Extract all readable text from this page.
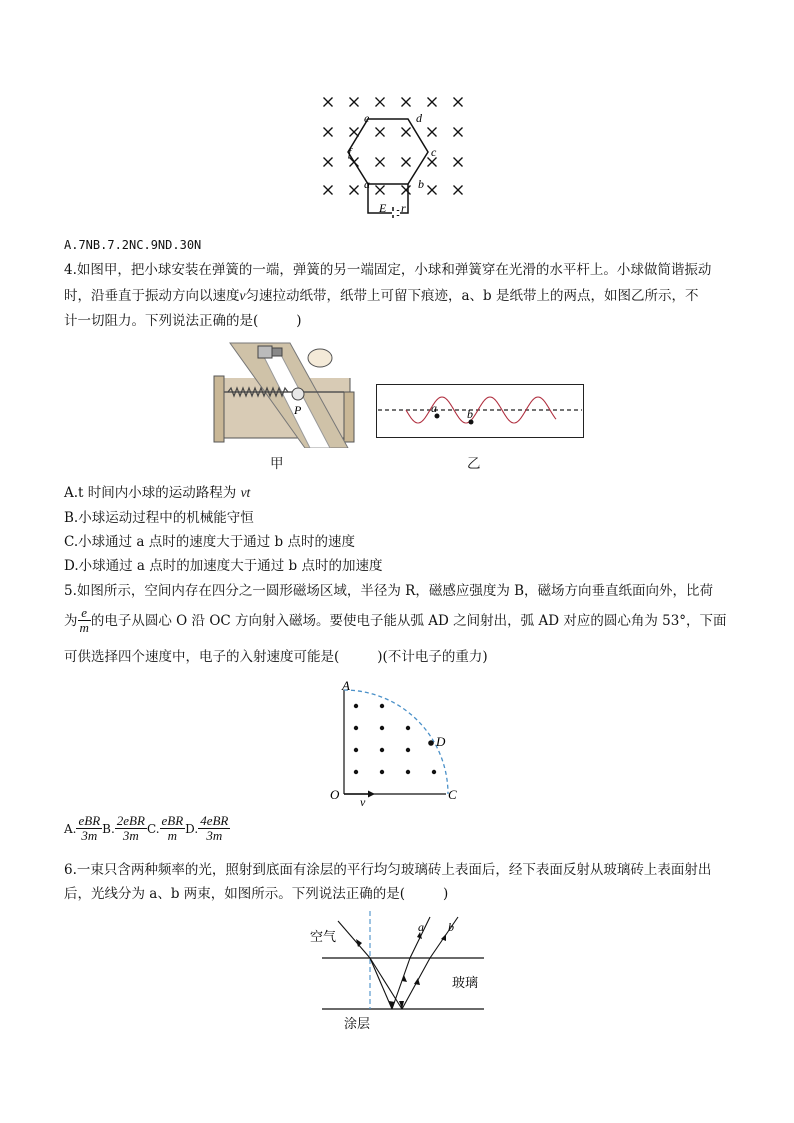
e	d
f	c
a	b
E r
A.7NB.7.2NC.9ND.30N
4.如图甲，把小球安装在弹簧的一端，弹簧的另一端固定，小球和弹簧穿在光滑的水平杆上。小球做简谐振动
时，沿垂直于振动方向以速度v匀速拉动纸带，纸带上可留下痕迹，a、b 是纸带上的两点，如图乙所示，不
计一切阻力。下列说法正确的是(	)
P
甲
a	b
乙
A.t 时间内小球的运动路程为 vt
B.小球运动过程中的机械能守恒
C.小球通过 a 点时的速度大于通过 b 点时的速度
D.小球通过 a 点时的加速度大于通过 b 点时的加速度
5.如图所示，空间内存在四分之一圆形磁场区域，半径为 R，磁感应强度为 B，磁场方向垂直纸面向外，比荷
为 $\frac{e}{m}$ 的电子从圆心 O 沿 OC 方向射入磁场。要使电子能从弧 AD 之间射出，弧 AD 对应的圆心角为 53°，下面
可供选择四个速度中，电子的入射速度可能是(	)(不计电子的重力)
A
D
O	C
v
A. $\frac{\text{eBR}}{3m} B$. $\frac{\text{2eBR}}{3m} C$. $\frac{\text{eBR}}{m} D$. $\frac{\text{4eBR}}{3m}$
6.一束只含两种频率的光，照射到底面有涂层的平行均匀玻璃砖上表面后，经下表面反射从玻璃砖上表面射出
后，光线分为 a、b 两束，如图所示。下列说法正确的是(	)
空气
玻璃
涂层
a b
